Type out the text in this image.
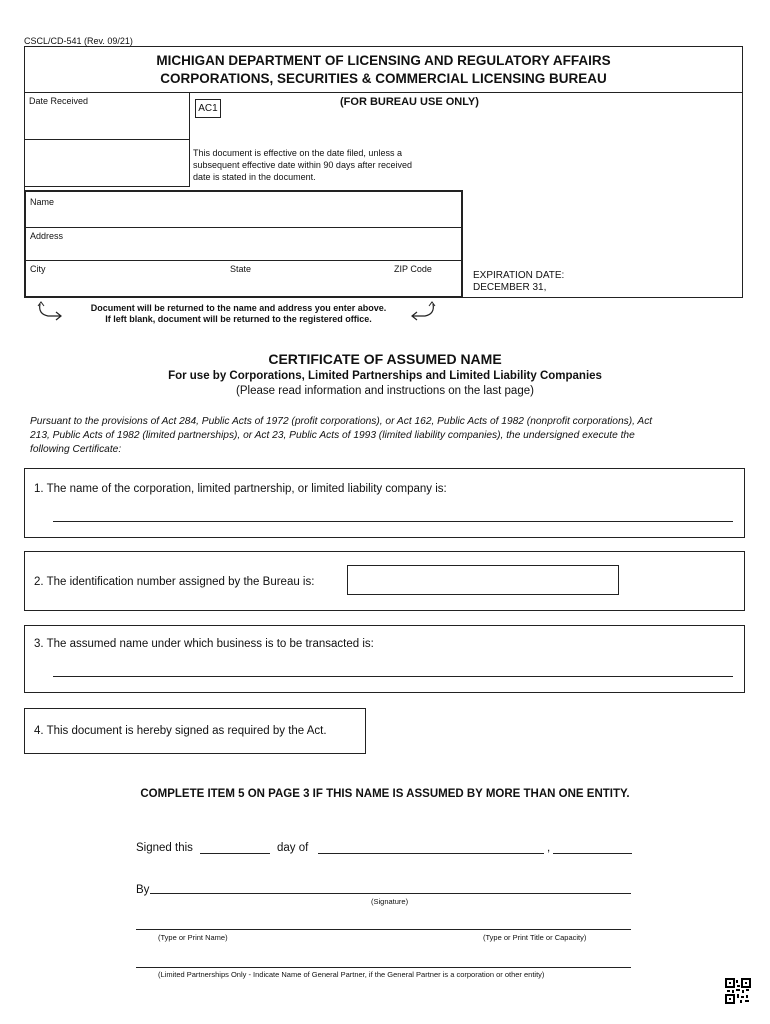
CSCL/CD-541 (Rev. 09/21)
MICHIGAN DEPARTMENT OF LICENSING AND REGULATORY AFFAIRS
CORPORATIONS, SECURITIES & COMMERCIAL LICENSING BUREAU
Date Received
AC1
(FOR BUREAU USE ONLY)
This document is effective on the date filed, unless a
subsequent effective date within 90 days after received
date is stated in the document.
EXPIRATION DATE:
DECEMBER 31,
Name
Address
City	State	ZIP Code
Document will be returned to the name and address you enter above.
If left blank, document will be returned to the registered office.
CERTIFICATE OF ASSUMED NAME
For use by Corporations, Limited Partnerships and Limited Liability Companies
(Please read information and instructions on the last page)
Pursuant to the provisions of Act 284, Public Acts of 1972 (profit corporations), or Act 162, Public Acts of 1982 (nonprofit corporations), Act
213, Public Acts of 1982 (limited partnerships), or Act 23, Public Acts of 1993 (limited liability companies), the undersigned execute the
following Certificate:
1. The name of the corporation, limited partnership, or limited liability company is:
2. The identification number assigned by the Bureau is:
3. The assumed name under which business is to be transacted is:
4. This document is hereby signed as required by the Act.
COMPLETE ITEM 5 ON PAGE 3 IF THIS NAME IS ASSUMED BY MORE THAN ONE ENTITY.
Signed this	day of	,
By
(Signature)
(Type or Print Name)	(Type or Print Title or Capacity)
(Limited Partnerships Only - Indicate Name of General Partner, if the General Partner is a corporation or other entity)
